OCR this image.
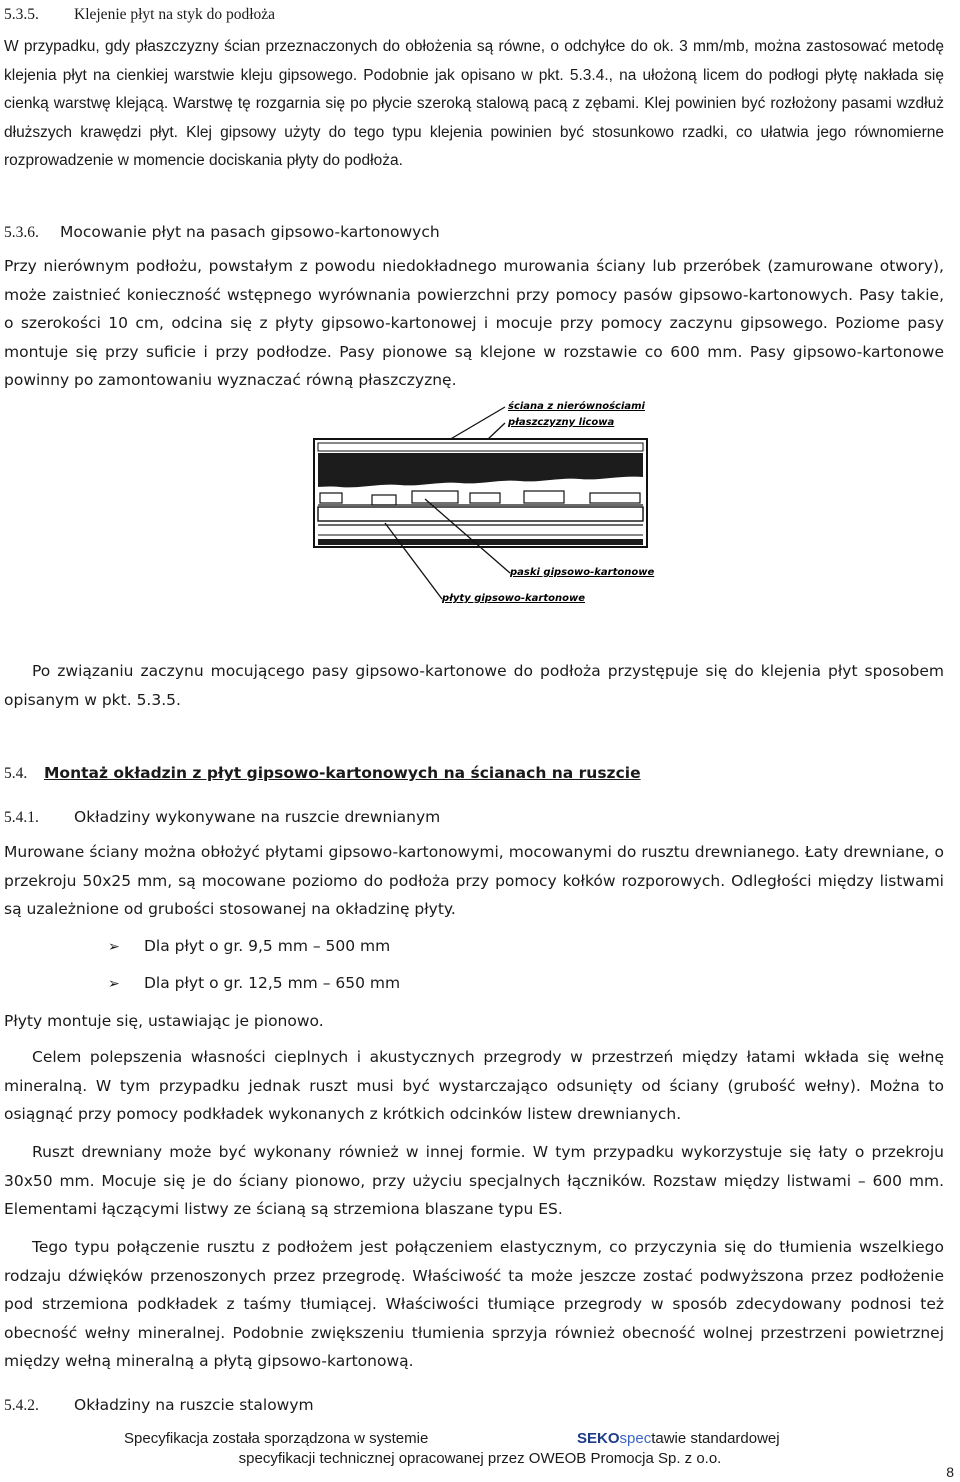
5.3.5. Klejenie płyt na styk do podłoża

W przypadku, gdy płaszczyzny ścian przeznaczonych do obłożenia są równe, o odchyłce do ok. 3 mm/mb, można zastosować metodę klejenia płyt na cienkiej warstwie kleju gipsowego. Podobnie jak opisano w pkt. 5.3.4., na ułożoną licem do podłogi płytę nakłada się cienką warstwę klejącą. Warstwę tę rozgarnia się po płycie szeroką stalową pacą z zębami. Klej powinien być rozłożony pasami wzdłuż dłuższych krawędzi płyt. Klej gipsowy użyty do tego typu klejenia powinien być stosunkowo rzadki, co ułatwia jego równomierne rozprowadzenie w momencie dociskania płyty do podłoża.

5.3.6. Mocowanie płyt na pasach gipsowo-kartonowych

Przy nierównym podłożu, powstałym z powodu niedokładnego murowania ściany lub przeróbek (zamurowane otwory), może zaistnieć konieczność wstępnego wyrównania powierzchni przy pomocy pasów gipsowo-kartonowych. Pasy takie, o szerokości 10 cm, odcina się z płyty gipsowo-kartonowej i mocuje przy pomocy zaczynu gipsowego. Poziome pasy montuje się przy suficie i przy podłodze. Pasy pionowe są klejone w rozstawie co 600 mm. Pasy gipsowo-kartonowe powinny po zamontowaniu wyznaczać równą płaszczyznę.

ściana z nierównościami
płaszczyzny licowa
paski gipsowo-kartonowe
płyty gipsowo-kartonowe

Po związaniu zaczynu mocującego pasy gipsowo-kartonowe do podłoża przystępuje się do klejenia płyt sposobem opisanym w pkt. 5.3.5.

5.4. Montaż okładzin z płyt gipsowo-kartonowych na ścianach na ruszcie
5.4.1. Okładziny wykonywane na ruszcie drewnianym

Murowane ściany można obłożyć płytami gipsowo-kartonowymi, mocowanymi do rusztu drewnianego. Łaty drewniane, o przekroju 50x25 mm, są mocowane poziomo do podłoża przy pomocy kołków rozporowych. Odległości między listwami są uzależnione od grubości stosowanej na okładzinę płyty.

➢ Dla płyt o gr. 9,5 mm – 500 mm
➢ Dla płyt o gr. 12,5 mm – 650 mm

Płyty montuje się, ustawiając je pionowo.

Celem polepszenia własności cieplnych i akustycznych przegrody w przestrzeń między łatami wkłada się wełnę mineralną. W tym przypadku jednak ruszt musi być wystarczająco odsunięty od ściany (grubość wełny). Można to osiągnąć przy pomocy podkładek wykonanych z krótkich odcinków listew drewnianych.

Ruszt drewniany może być wykonany również w innej formie. W tym przypadku wykorzystuje się łaty o przekroju 30x50 mm. Mocuje się je do ściany pionowo, przy użyciu specjalnych łączników. Rozstaw między listwami – 600 mm. Elementami łączącymi listwy ze ścianą są strzemiona blaszane typu ES.

Tego typu połączenie rusztu z podłożem jest połączeniem elastycznym, co przyczynia się do tłumienia wszelkiego rodzaju dźwięków przenoszonych przez przegrodę. Właściwość ta może jeszcze zostać podwyższona przez podłożenie pod strzemiona podkładek z taśmy tłumiącej. Właściwości tłumiące przegrody w sposób zdecydowany podnosi też obecność wełny mineralnej. Podobnie zwiększeniu tłumienia sprzyja również obecność wolnej przestrzeni powietrznej między wełną mineralną a płytą gipsowo-kartonową.

5.4.2. Okładziny na ruszcie stalowym
Specyfikacja została sporządzona w systemie	SEKOspectawie standardowej
specyfikacji technicznej opracowanej przez OWEOB Promocja Sp. z o.o.
8
